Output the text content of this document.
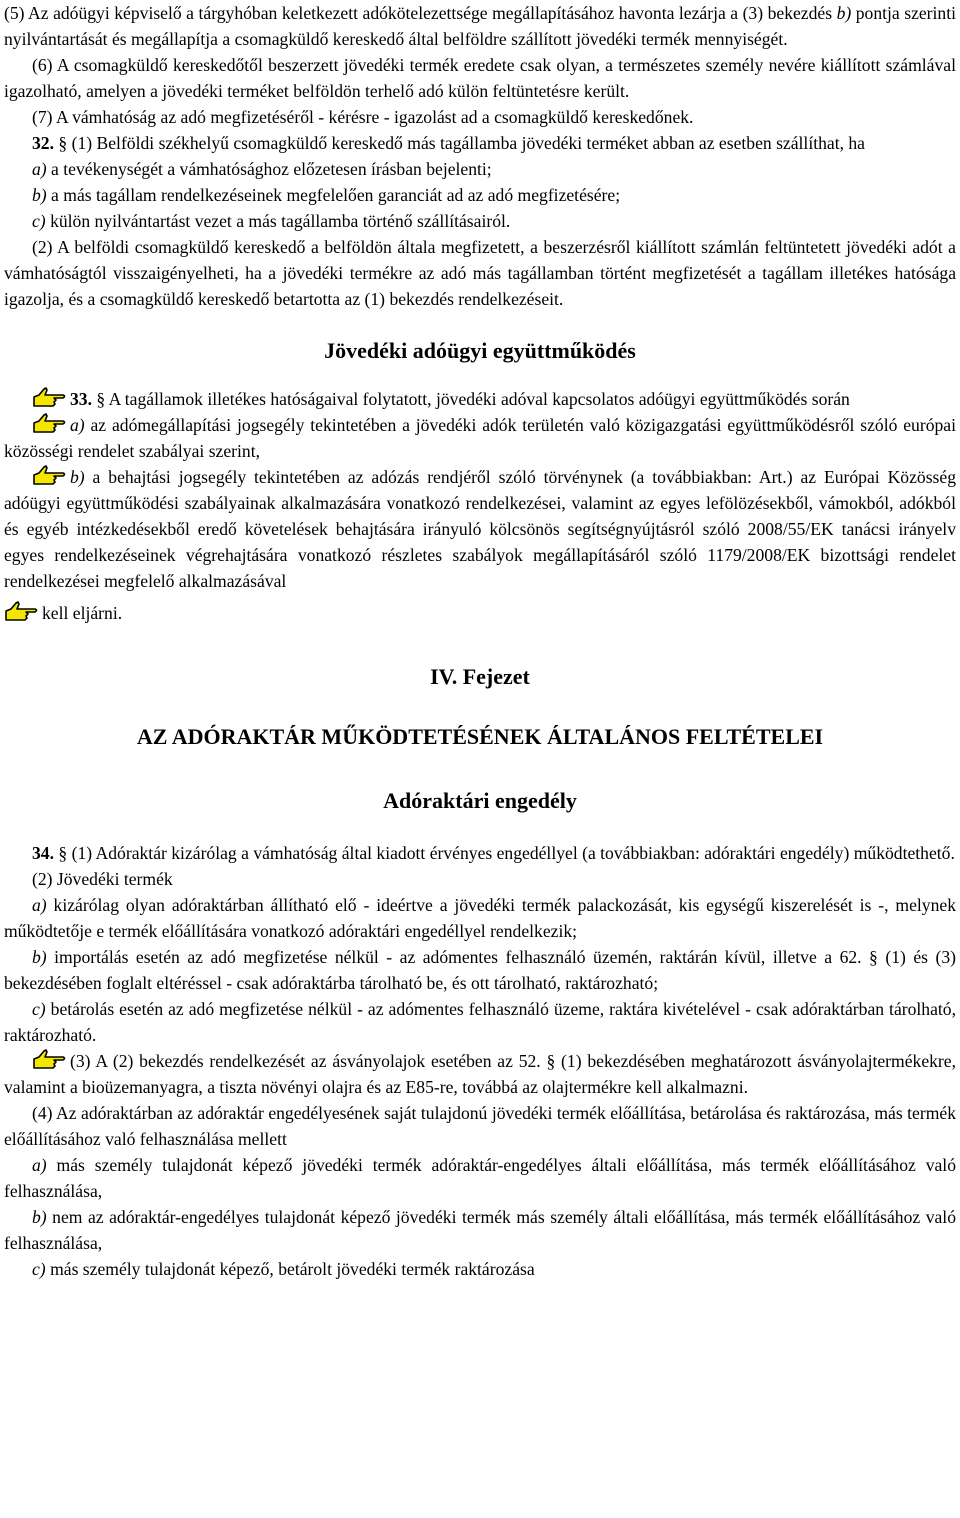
(5) Az adóügyi képviselő a tárgyhóban keletkezett adókötelezettsége megállapításához havonta lezárja a (3) bekezdés b) pontja szerinti nyilvántartását és megállapítja a csomagküldő kereskedő által belföldre szállított jövedéki termék mennyiségét.

(6) A csomagküldő kereskedőtől beszerzett jövedéki termék eredete csak olyan, a természetes személy nevére kiállított számlával igazolható, amelyen a jövedéki terméket belföldön terhelő adó külön feltüntetésre került.

(7) A vámhatóság az adó megfizetéséről - kérésre - igazolást ad a csomagküldő kereskedőnek.

32. § (1) Belföldi székhelyű csomagküldő kereskedő más tagállamba jövedéki terméket abban az esetben szállíthat, ha

a) a tevékenységét a vámhatósághoz előzetesen írásban bejelenti;

b) a más tagállam rendelkezéseinek megfelelően garanciát ad az adó megfizetésére;

c) külön nyilvántartást vezet a más tagállamba történő szállításairól.

(2) A belföldi csomagküldő kereskedő a belföldön általa megfizetett, a beszerzésről kiállított számlán feltüntetett jövedéki adót a vámhatóságtól visszaigényelheti, ha a jövedéki termékre az adó más tagállamban történt megfizetését a tagállam illetékes hatósága igazolja, és a csomagküldő kereskedő betartotta az (1) bekezdés rendelkezéseit.

Jövedéki adóügyi együttműködés

33. § A tagállamok illetékes hatóságaival folytatott, jövedéki adóval kapcsolatos adóügyi együttműködés során

a) az adómegállapítási jogsegély tekintetében a jövedéki adók területén való közigazgatási együttműködésről szóló európai közösségi rendelet szabályai szerint,

b) a behajtási jogsegély tekintetében az adózás rendjéről szóló törvénynek (a továbbiakban: Art.) az Európai Közösség adóügyi együttműködési szabályainak alkalmazására vonatkozó rendelkezései, valamint az egyes lefölözésekből, vámokból, adókból és egyéb intézkedésekből eredő követelések behajtására irányuló kölcsönös segítségnyújtásról szóló 2008/55/EK tanácsi irányelv egyes rendelkezéseinek végrehajtására vonatkozó részletes szabályok megállapításáról szóló 1179/2008/EK bizottsági rendelet rendelkezései megfelelő alkalmazásával

kell eljárni.

IV. Fejezet
AZ ADÓRAKTÁR MŰKÖDTETÉSÉNEK ÁLTALÁNOS FELTÉTELEI
Adóraktári engedély

34. § (1) Adóraktár kizárólag a vámhatóság által kiadott érvényes engedéllyel (a továbbiakban: adóraktári engedély) működtethető.

(2) Jövedéki termék

a) kizárólag olyan adóraktárban állítható elő - ideértve a jövedéki termék palackozását, kis egységű kiszerelését is -, melynek működtetője e termék előállítására vonatkozó adóraktári engedéllyel rendelkezik;

b) importálás esetén az adó megfizetése nélkül - az adómentes felhasználó üzemén, raktárán kívül, illetve a 62. § (1) és (3) bekezdésében foglalt eltéréssel - csak adóraktárba tárolható be, és ott tárolható, raktározható;

c) betárolás esetén az adó megfizetése nélkül - az adómentes felhasználó üzeme, raktára kivételével - csak adóraktárban tárolható, raktározható.

(3) A (2) bekezdés rendelkezését az ásványolajok esetében az 52. § (1) bekezdésében meghatározott ásványolajtermékekre, valamint a bioüzemanyagra, a tiszta növényi olajra és az E85-re, továbbá az olajtermékre kell alkalmazni.

(4) Az adóraktárban az adóraktár engedélyesének saját tulajdonú jövedéki termék előállítása, betárolása és raktározása, más termék előállításához való felhasználása mellett

a) más személy tulajdonát képező jövedéki termék adóraktár-engedélyes általi előállítása, más termék előállításához való felhasználása,

b) nem az adóraktár-engedélyes tulajdonát képező jövedéki termék más személy általi előállítása, más termék előállításához való felhasználása,

c) más személy tulajdonát képező, betárolt jövedéki termék raktározása
